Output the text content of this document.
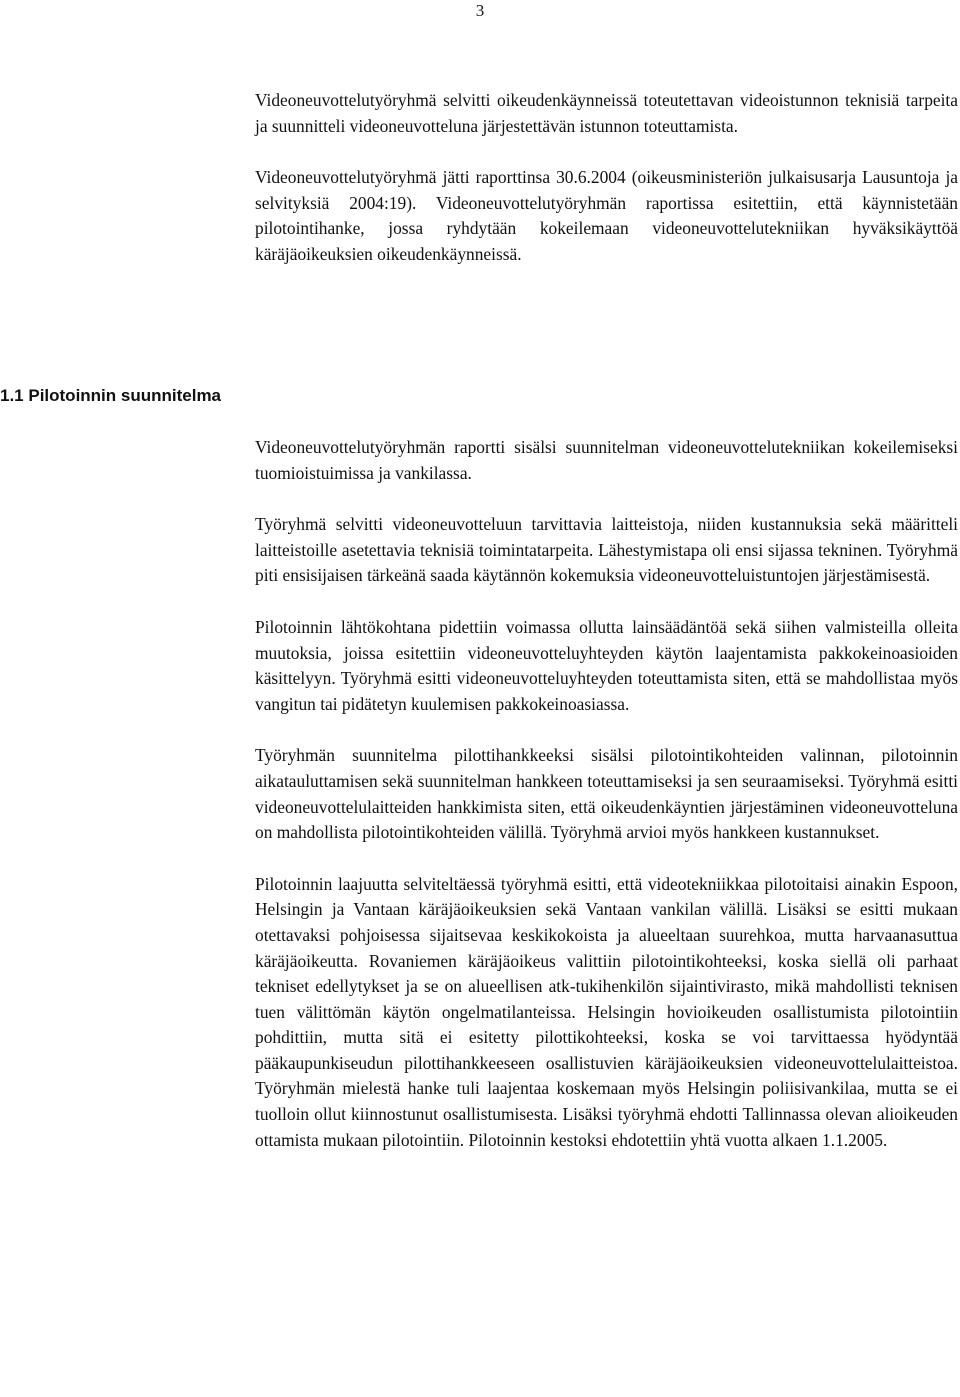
3

Videoneuvottelutyöryhmä selvitti oikeudenkäynneissä toteutettavan videoistunnon teknisiä tarpeita ja suunnitteli videoneuvotteluna järjestettävän istunnon toteuttamista.

Videoneuvottelutyöryhmä jätti raporttinsa 30.6.2004 (oikeusministeriön julkaisusarja Lausuntoja ja selvityksiä 2004:19). Videoneuvottelutyöryhmän raportissa esitettiin, että käynnistetään pilotointihanke, jossa ryhdytään kokeilemaan videoneuvottelutekniikan hyväksikäyttöä käräjäoikeuksien oikeudenkäynneissä.

1.1 Pilotoinnin suunnitelma

Videoneuvottelutyöryhmän raportti sisälsi suunnitelman videoneuvottelutekniikan kokeilemiseksi tuomioistuimissa ja vankilassa.

Työryhmä selvitti videoneuvotteluun tarvittavia laitteistoja, niiden kustannuksia sekä määritteli laitteistoille asetettavia teknisiä toimintatarpeita. Lähestymistapa oli ensi sijassa tekninen. Työryhmä piti ensisijaisen tärkeänä saada käytännön kokemuksia videoneuvotteluistuntojen järjestämisestä.

Pilotoinnin lähtökohtana pidettiin voimassa ollutta lainsäädäntöä sekä siihen valmisteilla olleita muutoksia, joissa esitettiin videoneuvotteluyhteyden käytön laajentamista pakkokeinoasioiden käsittelyyn. Työryhmä esitti videoneuvotteluyhteyden toteuttamista siten, että se mahdollistaa myös vangitun tai pidätetyn kuulemisen pakkokeinoasiassa.

Työryhmän suunnitelma pilottihankkeeksi sisälsi pilotointikohteiden valinnan, pilotoinnin aikatauluttamisen sekä suunnitelman hankkeen toteuttamiseksi ja sen seuraamiseksi. Työryhmä esitti videoneuvottelulaitteiden hankkimista siten, että oikeudenkäyntien järjestäminen videoneuvotteluna on mahdollista pilotointikohteiden välillä. Työryhmä arvioi myös hankkeen kustannukset.

Pilotoinnin laajuutta selviteltäessä työryhmä esitti, että videotekniikkaa pilotoitaisi ainakin Espoon, Helsingin ja Vantaan käräjäoikeuksien sekä Vantaan vankilan välillä. Lisäksi se esitti mukaan otettavaksi pohjoisessa sijaitsevaa keskikokoista ja alueeltaan suurehkoa, mutta harvaanasuttua käräjäoikeutta. Rovaniemen käräjäoikeus valittiin pilotointikohteeksi, koska siellä oli parhaat tekniset edellytykset ja se on alueellisen atk-tukihenkilön sijaintivirasto, mikä mahdollisti teknisen tuen välittömän käytön ongelmatilanteissa. Helsingin hovioikeuden osallistumista pilotointiin pohdittiin, mutta sitä ei esitetty pilottikohteeksi, koska se voi tarvittaessa hyödyntää pääkaupunkiseudun pilottihankkeeseen osallistuvien käräjäoikeuksien videoneuvottelulaitteistoa. Työryhmän mielestä hanke tuli laajentaa koskemaan myös Helsingin poliisivankilaa, mutta se ei tuolloin ollut kiinnostunut osallistumisesta. Lisäksi työryhmä ehdotti Tallinnassa olevan alioikeuden ottamista mukaan pilotointiin. Pilotoinnin kestoksi ehdotettiin yhtä vuotta alkaen 1.1.2005.
